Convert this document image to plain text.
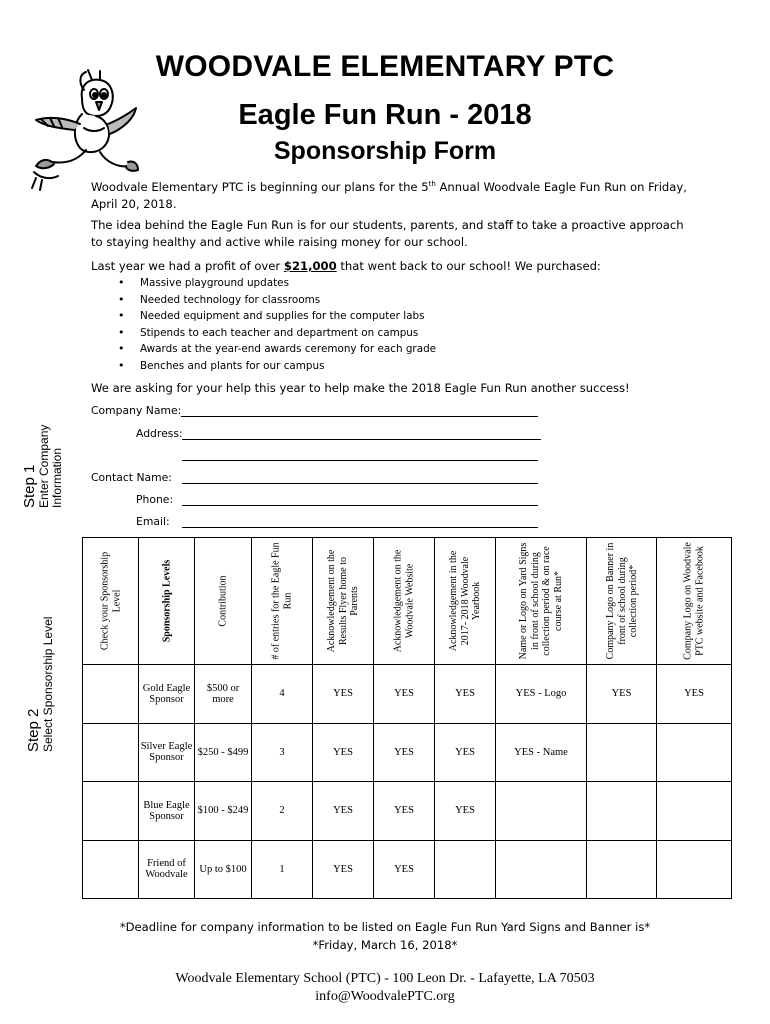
WOODVALE ELEMENTARY PTC
Eagle Fun Run - 2018
Sponsorship Form
Woodvale Elementary PTC is beginning our plans for the 5th Annual Woodvale Eagle Fun Run on Friday, April 20, 2018.
The idea behind the Eagle Fun Run is for our students, parents, and staff to take a proactive approach to staying healthy and active while raising money for our school.
Last year we had a profit of over $21,000 that went back to our school! We purchased:
• Massive playground updates
• Needed technology for classrooms
• Needed equipment and supplies for the computer labs
• Stipends to each teacher and department on campus
• Awards at the year-end awards ceremony for each grade
• Benches and plants for our campus
We are asking for your help this year to help make the 2018 Eagle Fun Run another success!
Step 1 Enter Company Information
Company Name:
Address:
Contact Name:
Phone:
Email:
Step 2 Select Sponsorship Level
Check your Sponsorship Level	Sponsorship Levels	Contribution	# of entries for the Eagle Fun Run	Acknowledgement on the Results Flyer home to Parents	Acknowledgement on the Woodvale Website	Acknowledgement in the 2017- 2018 Woodvale Yearbook	Name or Logo on Yard Signs in front of school during collection period & on race course at Run*	Company Logo on Banner in front of school during collection period*	Company Logo on Woodvale PTC website and Facebook

	Gold Eagle Sponsor	$500 or more	4	YES	YES	YES	YES - Logo	YES	YES
	Silver Eagle Sponsor	$250 - $499	3	YES	YES	YES	YES - Name		
	Blue Eagle Sponsor	$100 - $249	2	YES	YES	YES			
	Friend of Woodvale	Up to $100	1	YES	YES				
*Deadline for company information to be listed on Eagle Fun Run Yard Signs and Banner is*
*Friday, March 16, 2018*
Woodvale Elementary School (PTC) - 100 Leon Dr. - Lafayette, LA 70503
info@WoodvalePTC.org
